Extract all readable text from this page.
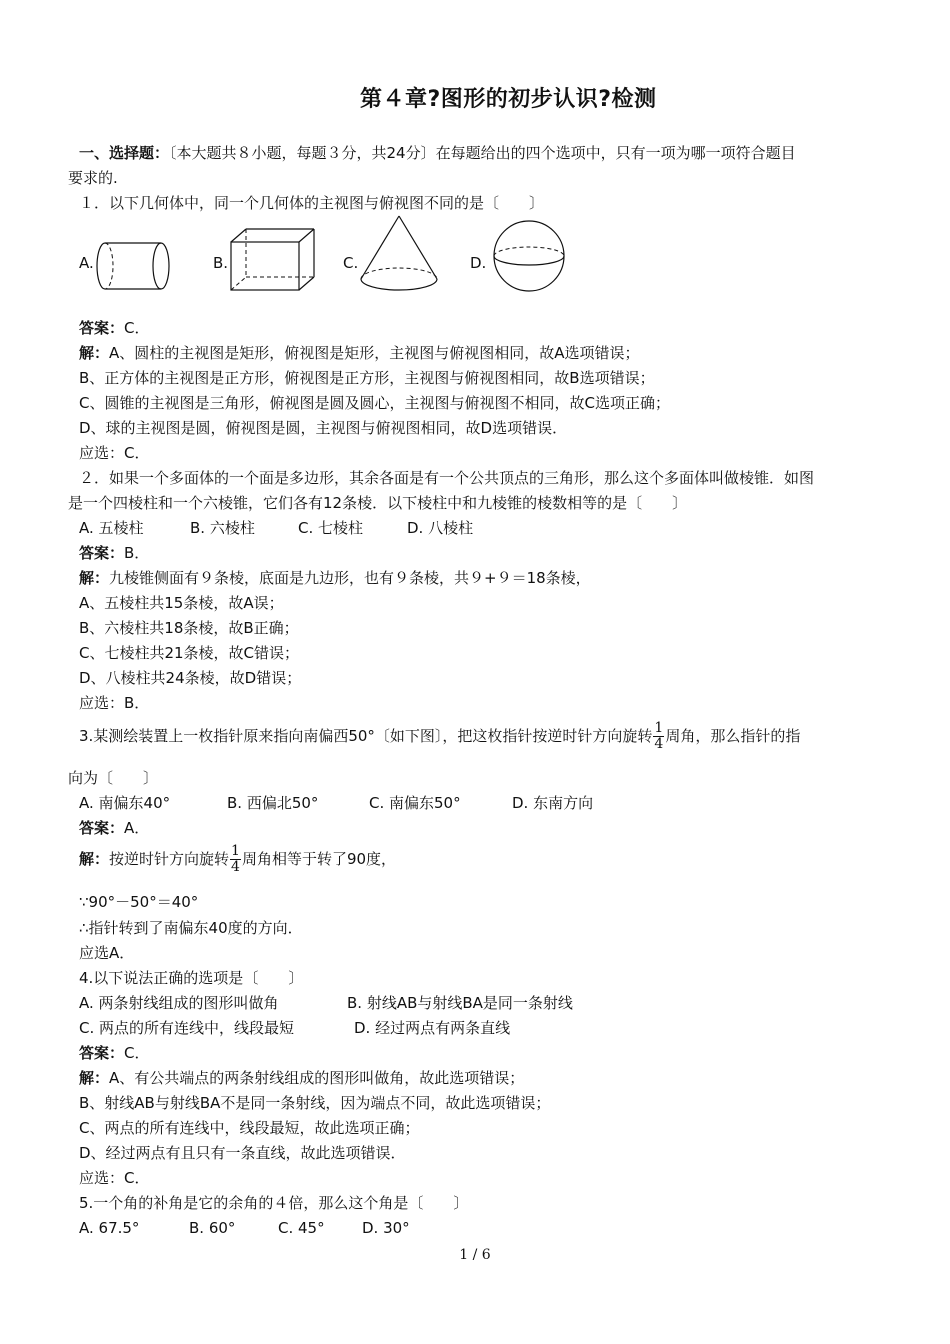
第４章?图形的初步认识?检测
一、选择题：〔本大题共８小题，每题３分，共24分〕在每题给出的四个选项中，只有一项为哪一项符合题目
要求的.
１．以下几何体中，同一个几何体的主视图与俯视图不同的是〔　　〕
A.	B.	C.	D.
答案：C．
解：A、圆柱的主视图是矩形，俯视图是矩形，主视图与俯视图相同，故A选项错误；
B、正方体的主视图是正方形，俯视图是正方形，主视图与俯视图相同，故B选项错误；
C、圆锥的主视图是三角形，俯视图是圆及圆心，主视图与俯视图不相同，故C选项正确；
D、球的主视图是圆，俯视图是圆，主视图与俯视图相同，故D选项错误．
应选：C．
２．如果一个多面体的一个面是多边形，其余各面是有一个公共顶点的三角形，那么这个多面体叫做棱锥．如图
是一个四棱柱和一个六棱锥，它们各有12条棱．以下棱柱中和九棱锥的棱数相等的是〔　　〕
A. 五棱柱	B. 六棱柱	C. 七棱柱	D. 八棱柱
答案：B．
解：九棱锥侧面有９条棱，底面是九边形，也有９条棱，共９+９＝18条棱，
A、五棱柱共15条棱，故A误；
B、六棱柱共18条棱，故B正确；
C、七棱柱共21条棱，故C错误；
D、八棱柱共24条棱，故D错误；
应选：B．
3.某测绘装置上一枚指针原来指向南偏西50°〔如下图〕，把这枚指针按逆时针方向旋转 $\frac{1}{4}$ 周角，那么指针的指
向为〔　　〕
A. 南偏东40°	B. 西偏北50°	C. 南偏东50°	D. 东南方向
答案：A．
解：按逆时针方向旋转 $\frac{1}{4}$ 周角相等于转了90度，
∵90°－50°＝40°
∴指针转到了南偏东40度的方向．
应选A．
4.以下说法正确的选项是〔　　〕
A. 两条射线组成的图形叫做角	B. 射线AB与射线BA是同一条射线
C. 两点的所有连线中，线段最短	D. 经过两点有两条直线
答案：C．
解：A、有公共端点的两条射线组成的图形叫做角，故此选项错误；
B、射线AB与射线BA不是同一条射线，因为端点不同，故此选项错误；
C、两点的所有连线中，线段最短，故此选项正确；
D、经过两点有且只有一条直线，故此选项错误．
应选：C．
5.一个角的补角是它的余角的４倍，那么这个角是〔　　〕
A. 67.5°	B. 60°	C. 45° D. 30°
1 / 6
